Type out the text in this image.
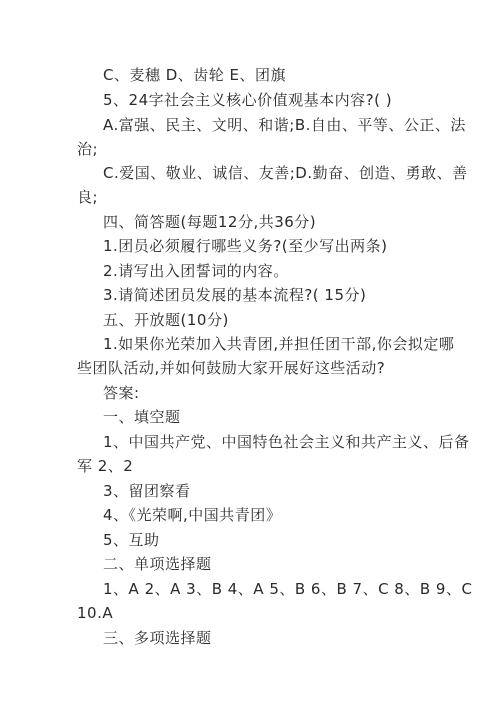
C、麦穗 D、齿轮 E、团旗
5、24字社会主义核心价值观基本内容?( )
A.富强、民主、文明、和谐;B.自由、平等、公正、法
治;
C.爱国、敬业、诚信、友善;D.勤奋、创造、勇敢、善
良;
四、简答题(每题12分,共36分)
1.团员必须履行哪些义务?(至少写出两条)
2.请写出入团誓词的内容。
3.请简述团员发展的基本流程?( 15分)
五、开放题(10分)
1.如果你光荣加入共青团,并担任团干部,你会拟定哪
些团队活动,并如何鼓励大家开展好这些活动?
答案:
一、填空题
1、中国共产党、中国特色社会主义和共产主义、后备
军 2、2
3、留团察看
4、《光荣啊,中国共青团》
5、互助
二、单项选择题
1、A 2、A 3、B 4、A 5、B 6、B 7、C 8、B 9、C
10.A
三、多项选择题
